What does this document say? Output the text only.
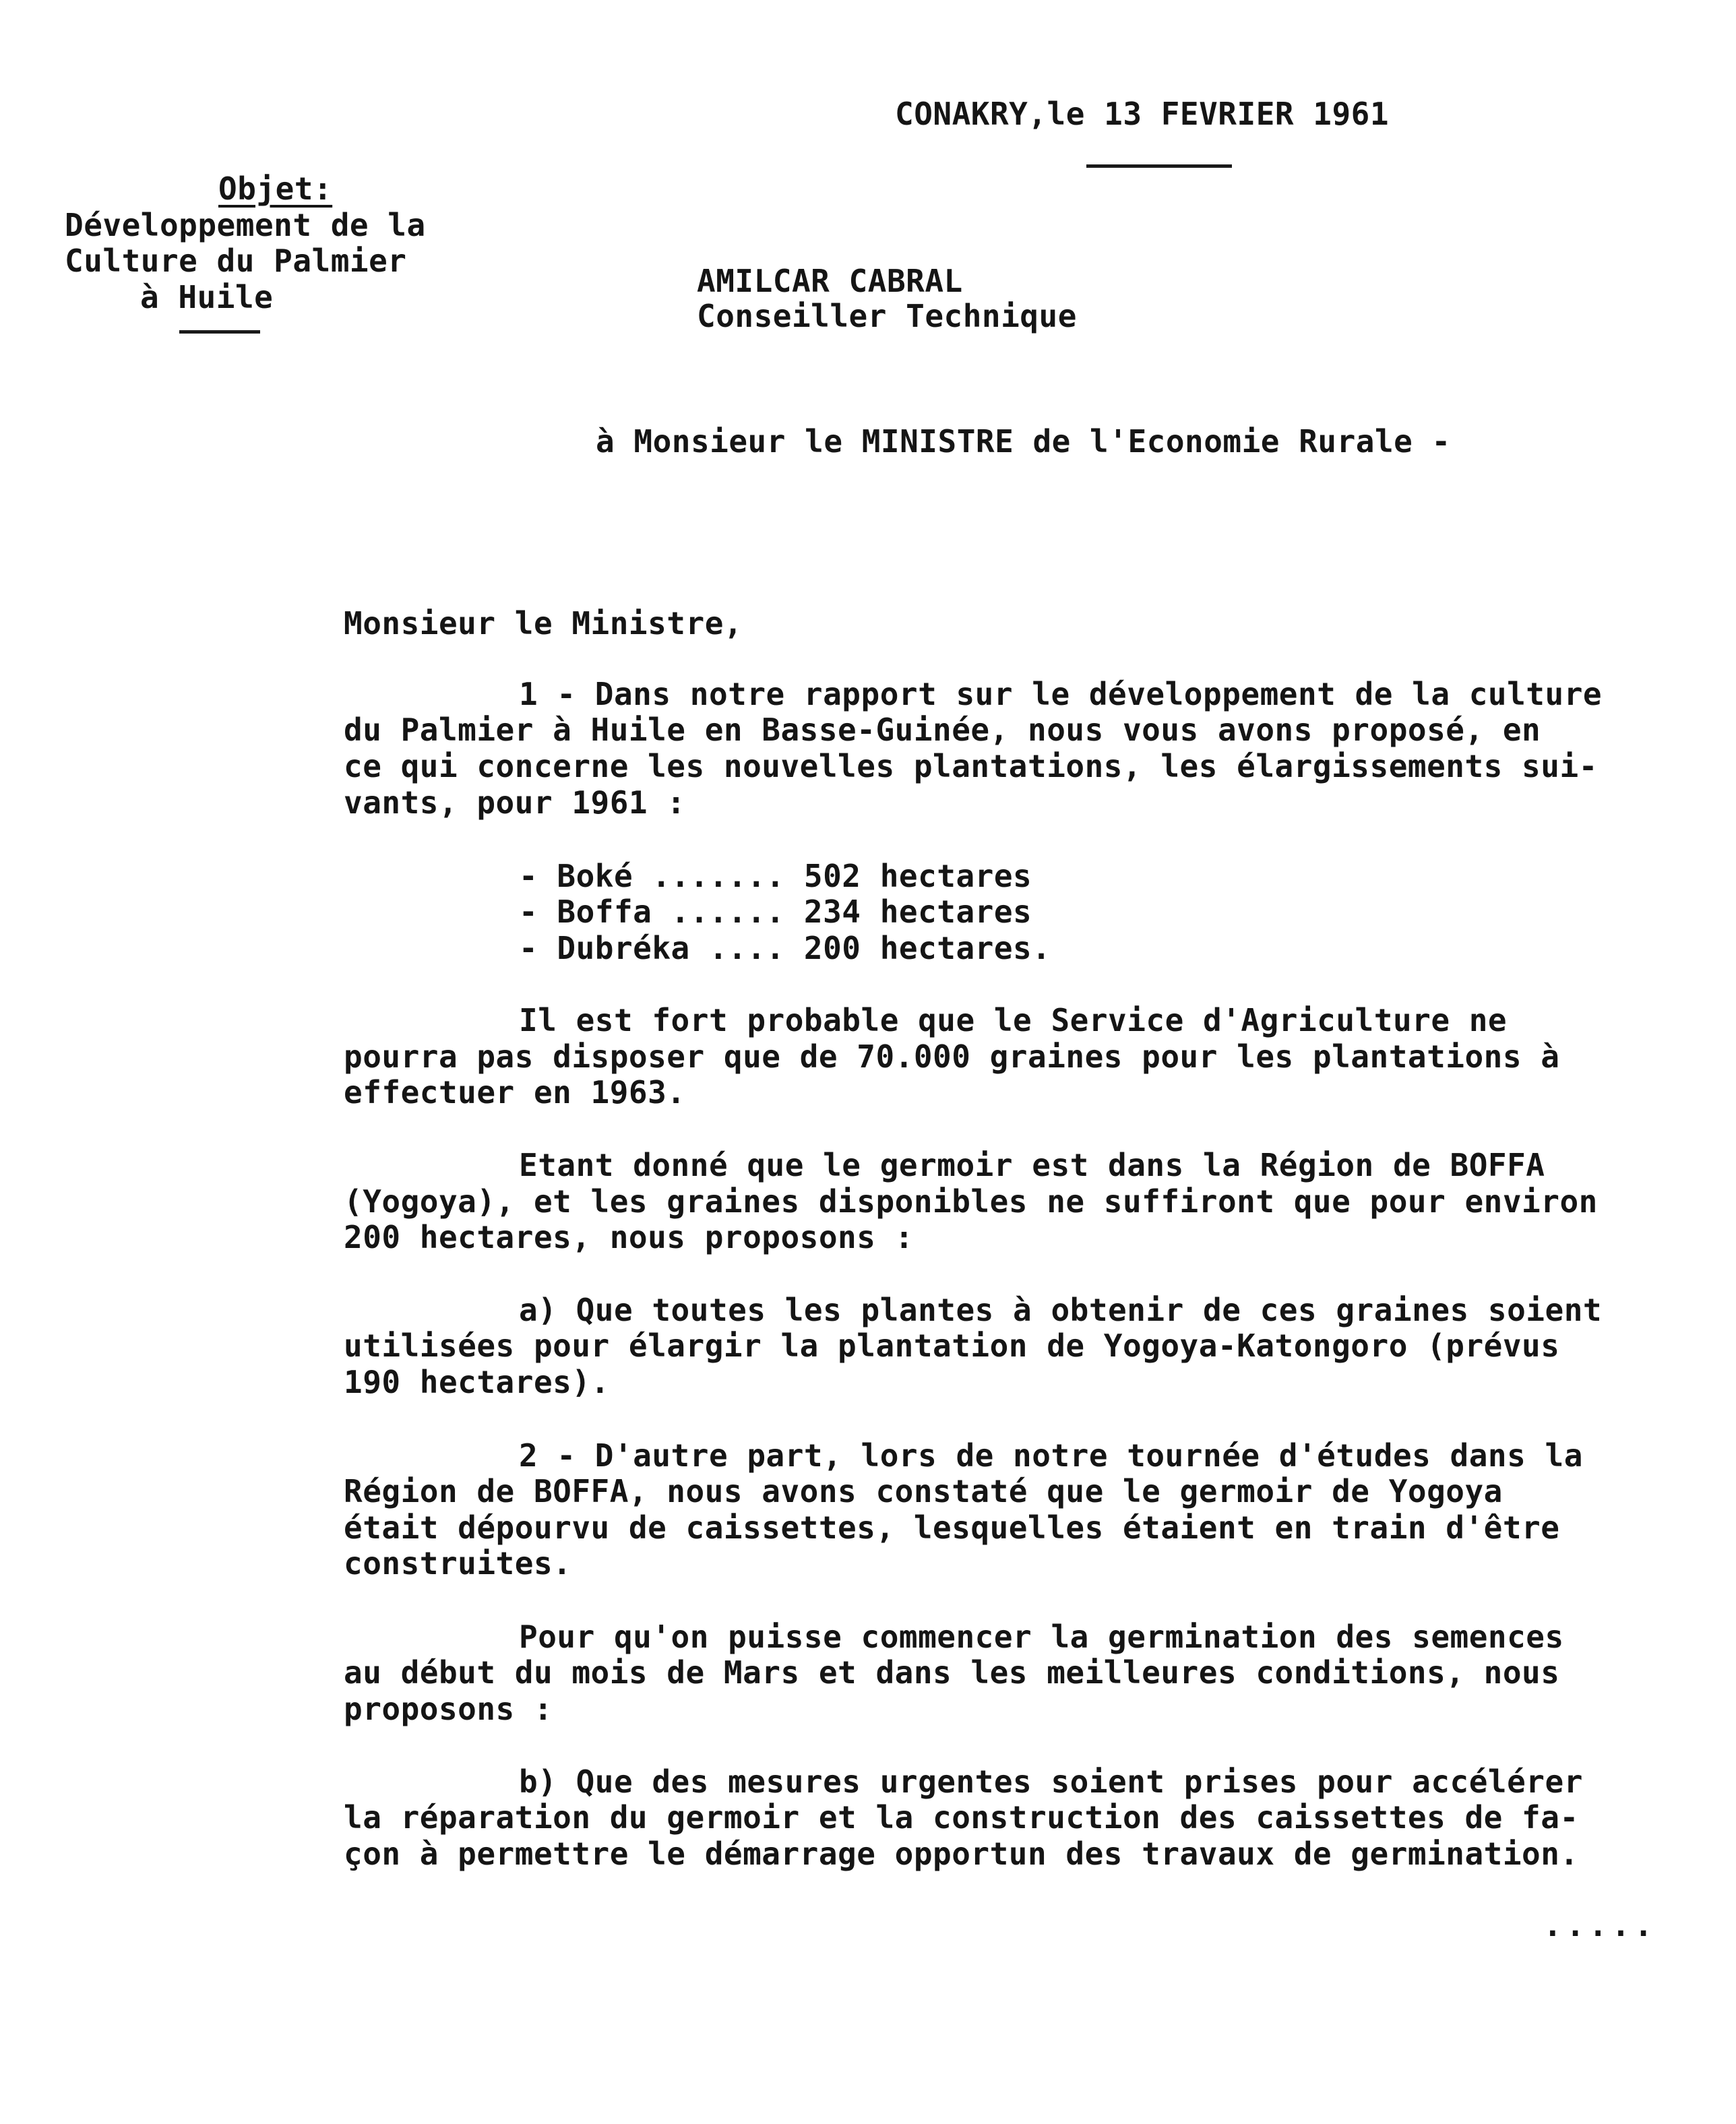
CONAKRY,le 13 FEVRIER 1961
Objet:
Développement de la
Culture du Palmier
à Huile	AMILCAR CABRAL
Conseiller Technique
à Monsieur le MINISTRE de l'Economie Rurale -
Monsieur le Ministre,
1 - Dans notre rapport sur le développement de la culture
du Palmier à Huile en Basse-Guinée, nous vous avons proposé, en
ce qui concerne les nouvelles plantations, les élargissements sui-
vants, pour 1961 :
- Boké ....... 502 hectares
- Boffa ...... 234 hectares
- Dubréka .... 200 hectares.
Il est fort probable que le Service d'Agriculture ne
pourra pas disposer que de 70.000 graines pour les plantations à
effectuer en 1963.
Etant donné que le germoir est dans la Région de BOFFA
(Yogoya), et les graines disponibles ne suffiront que pour environ
200 hectares, nous proposons :
a) Que toutes les plantes à obtenir de ces graines soient
utilisées pour élargir la plantation de Yogoya-Katongoro (prévus
190 hectares).
2 - D'autre part, lors de notre tournée d'études dans la
Région de BOFFA, nous avons constaté que le germoir de Yogoya
était dépourvu de caissettes, lesquelles étaient en train d'être
construites.
Pour qu'on puisse commencer la germination des semences
au début du mois de Mars et dans les meilleures conditions, nous
proposons :
b) Que des mesures urgentes soient prises pour accélérer
la réparation du germoir et la construction des caissettes de fa-
çon à permettre le démarrage opportun des travaux de germination.
.....
